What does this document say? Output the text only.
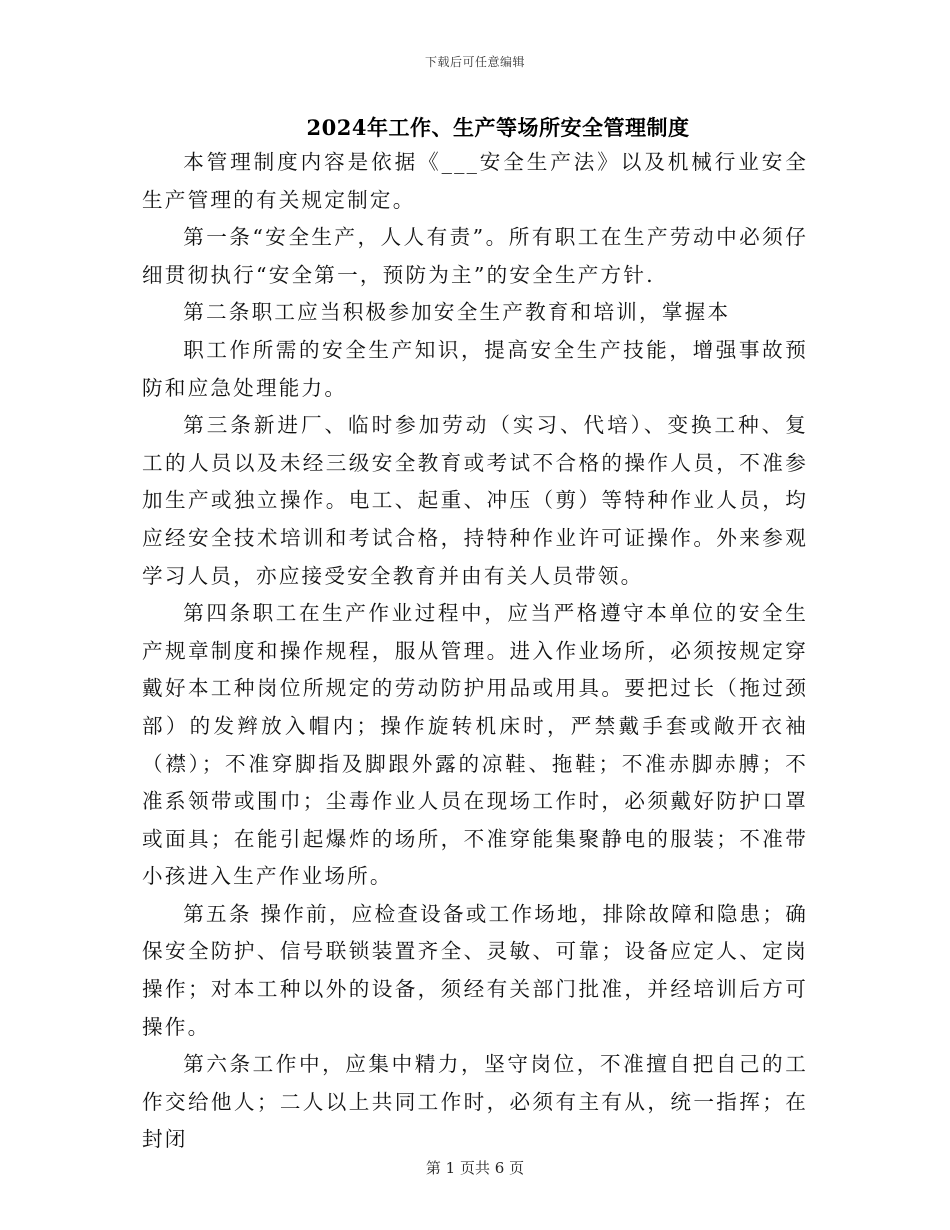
下载后可任意编辑
2024年工作、生产等场所安全管理制度

本管理制度内容是依据《___安全生产法》以及机械行业安全生产管理的有关规定制定。

第一条“安全生产，人人有责”。所有职工在生产劳动中必须仔细贯彻执行“安全第一，预防为主”的安全生产方针.

第二条职工应当积极参加安全生产教育和培训，掌握本

职工作所需的安全生产知识，提高安全生产技能，增强事故预防和应急处理能力。

第三条新进厂、临时参加劳动（实习、代培）、变换工种、复工的人员以及未经三级安全教育或考试不合格的操作人员，不准参加生产或独立操作。电工、起重、冲压（剪）等特种作业人员，均应经安全技术培训和考试合格，持特种作业许可证操作。外来参观学习人员，亦应接受安全教育并由有关人员带领。

第四条职工在生产作业过程中，应当严格遵守本单位的安全生产规章制度和操作规程，服从管理。进入作业场所，必须按规定穿戴好本工种岗位所规定的劳动防护用品或用具。要把过长（拖过颈部）的发辫放入帽内；操作旋转机床时，严禁戴手套或敞开衣袖（襟）；不准穿脚指及脚跟外露的凉鞋、拖鞋；不准赤脚赤膊；不准系领带或围巾；尘毒作业人员在现场工作时，必须戴好防护口罩或面具；在能引起爆炸的场所，不准穿能集聚静电的服装；不准带小孩进入生产作业场所。

第五条 操作前，应检查设备或工作场地，排除故障和隐患；确保安全防护、信号联锁装置齐全、灵敏、可靠；设备应定人、定岗操作；对本工种以外的设备，须经有关部门批准，并经培训后方可操作。

第六条工作中，应集中精力，坚守岗位，不准擅自把自己的工作交给他人；二人以上共同工作时，必须有主有从，统一指挥；在封闭

第 1 页共 6 页
